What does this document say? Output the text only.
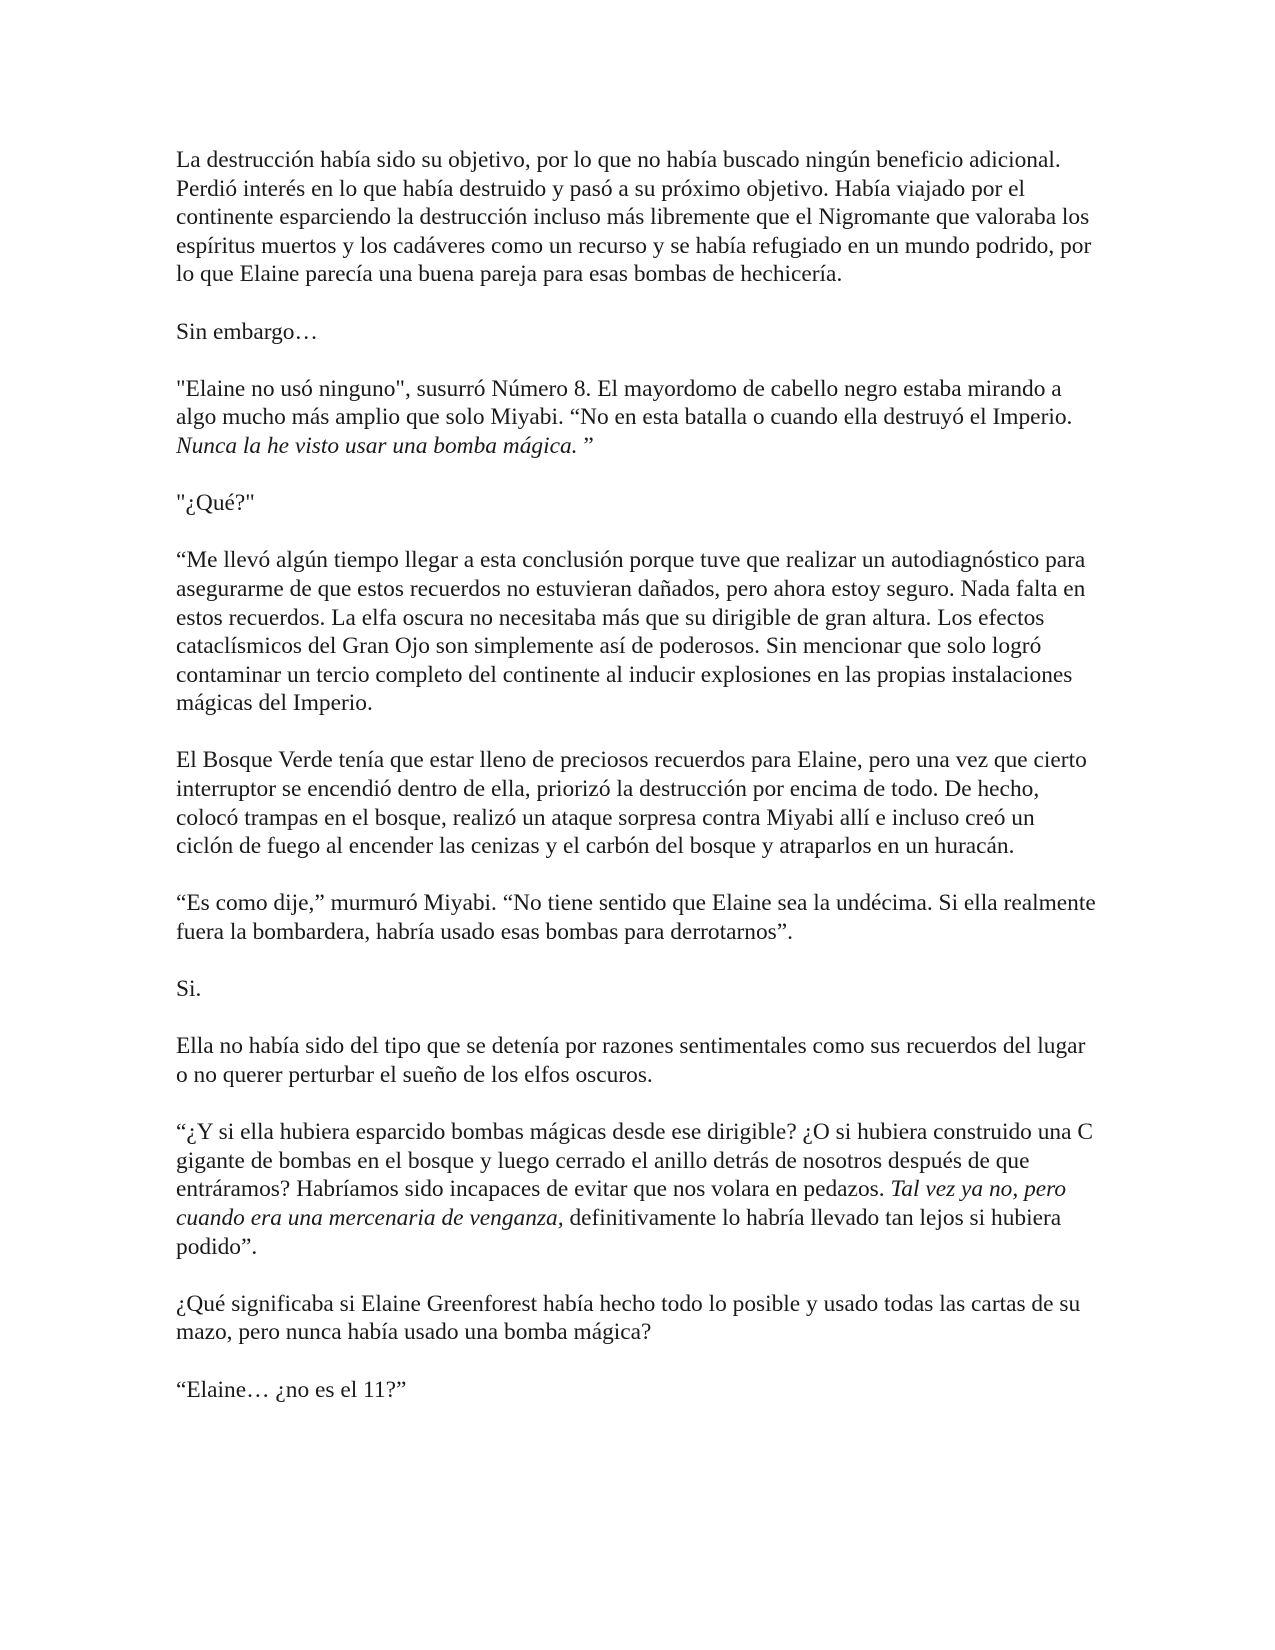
La destrucción había sido su objetivo, por lo que no había buscado ningún beneficio adicional. Perdió interés en lo que había destruido y pasó a su próximo objetivo. Había viajado por el continente esparciendo la destrucción incluso más libremente que el Nigromante que valoraba los espíritus muertos y los cadáveres como un recurso y se había refugiado en un mundo podrido, por lo que Elaine parecía una buena pareja para esas bombas de hechicería.

Sin embargo…

"Elaine no usó ninguno", susurró Número 8. El mayordomo de cabello negro estaba mirando a algo mucho más amplio que solo Miyabi. “No en esta batalla o cuando ella destruyó el Imperio. Nunca la he visto usar una bomba mágica. ”

"¿Qué?"

“Me llevó algún tiempo llegar a esta conclusión porque tuve que realizar un autodiagnóstico para asegurarme de que estos recuerdos no estuvieran dañados, pero ahora estoy seguro. Nada falta en estos recuerdos. La elfa oscura no necesitaba más que su dirigible de gran altura. Los efectos cataclísmicos del Gran Ojo son simplemente así de poderosos. Sin mencionar que solo logró contaminar un tercio completo del continente al inducir explosiones en las propias instalaciones mágicas del Imperio.

El Bosque Verde tenía que estar lleno de preciosos recuerdos para Elaine, pero una vez que cierto interruptor se encendió dentro de ella, priorizó la destrucción por encima de todo. De hecho, colocó trampas en el bosque, realizó un ataque sorpresa contra Miyabi allí e incluso creó un ciclón de fuego al encender las cenizas y el carbón del bosque y atraparlos en un huracán.

“Es como dije,” murmuró Miyabi. “No tiene sentido que Elaine sea la undécima. Si ella realmente fuera la bombardera, habría usado esas bombas para derrotarnos”.

Si.

Ella no había sido del tipo que se detenía por razones sentimentales como sus recuerdos del lugar o no querer perturbar el sueño de los elfos oscuros.

“¿Y si ella hubiera esparcido bombas mágicas desde ese dirigible? ¿O si hubiera construido una C gigante de bombas en el bosque y luego cerrado el anillo detrás de nosotros después de que entráramos? Habríamos sido incapaces de evitar que nos volara en pedazos. Tal vez ya no, pero cuando era una mercenaria de venganza, definitivamente lo habría llevado tan lejos si hubiera podido”.

¿Qué significaba si Elaine Greenforest había hecho todo lo posible y usado todas las cartas de su mazo, pero nunca había usado una bomba mágica?

“Elaine… ¿no es el 11?”
